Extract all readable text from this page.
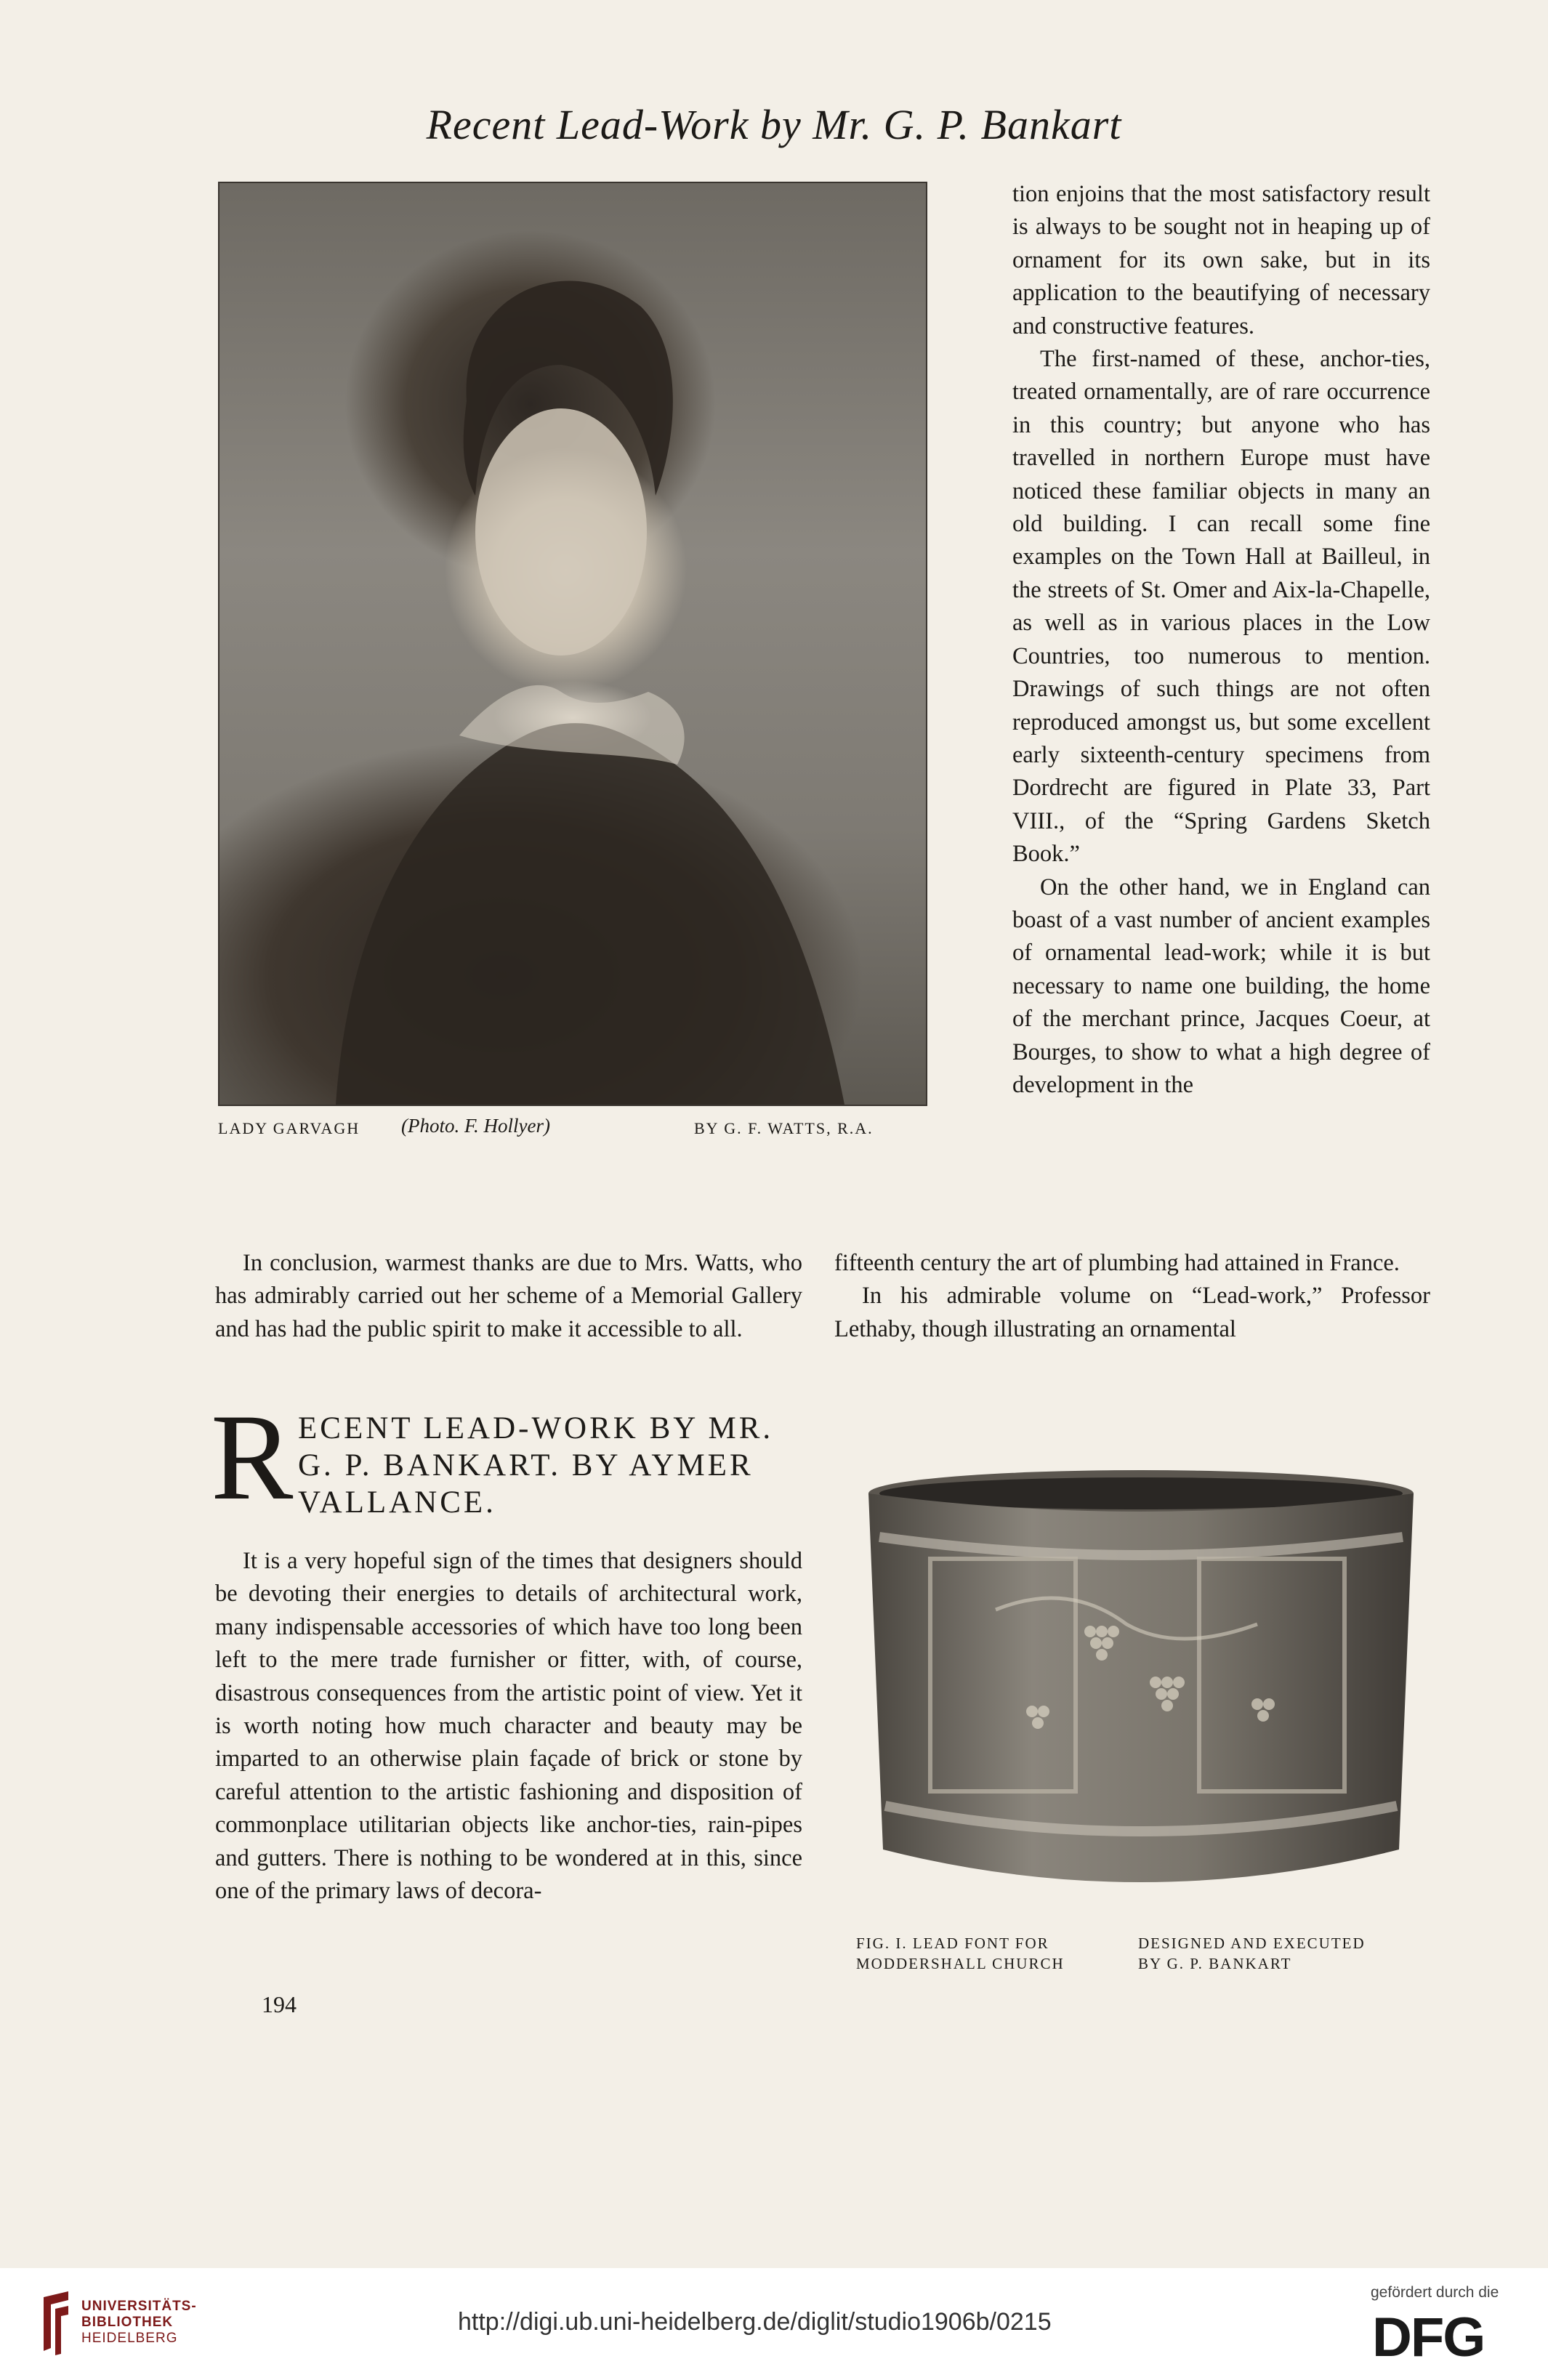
Recent Lead-Work by Mr. G. P. Bankart
LADY GARVAGH (Photo. F. Hollyer)	BY G. F. WATTS, R.A.

tion enjoins that the most satisfactory result is always to be sought not in heaping up of ornament for its own sake, but in its application to the beautifying of necessary and constructive features.

The first-named of these, anchor-ties, treated ornamentally, are of rare occurrence in this country; but anyone who has travelled in northern Europe must have noticed these familiar objects in many an old building. I can recall some fine examples on the Town Hall at Bailleul, in the streets of St. Omer and Aix-la-Chapelle, as well as in various places in the Low Countries, too numerous to mention. Drawings of such things are not often reproduced amongst us, but some excellent early sixteenth-century specimens from Dordrecht are figured in Plate 33, Part VIII., of the “Spring Gardens Sketch Book.”

On the other hand, we in England can boast of a vast number of ancient examples of ornamental lead-work; while it is but necessary to name one building, the home of the merchant prince, Jacques Coeur, at Bourges, to show to what a high degree of development in the

fifteenth century the art of plumbing had attained in France.

In his admirable volume on “Lead-work,” Professor Lethaby, though illustrating an ornamental

In conclusion, warmest thanks are due to Mrs. Watts, who has admirably carried out her scheme of a Memorial Gallery and has had the public spirit to make it accessible to all.

R ECENT LEAD-WORK BY MR.
G. P. BANKART. BY AYMER
VALLANCE.

It is a very hopeful sign of the times that designers should be devoting their energies to details of architectural work, many indispensable accessories of which have too long been left to the mere trade furnisher or fitter, with, of course, disastrous consequences from the artistic point of view. Yet it is worth noting how much character and beauty may be imparted to an otherwise plain façade of brick or stone by careful attention to the artistic fashioning and disposition of commonplace utilitarian objects like anchor-ties, rain-pipes and gutters. There is nothing to be wondered at in this, since one of the primary laws of decora-

FIG. I. LEAD FONT FOR
MODDERSHALL CHURCH
DESIGNED AND EXECUTED
BY G. P. BANKART
194
UNIVERSITÄTS-
BIBLIOTHEK
HEIDELBERG
http://digi.ub.uni-heidelberg.de/diglit/studio1906b/0215
gefördert durch die
DFG
